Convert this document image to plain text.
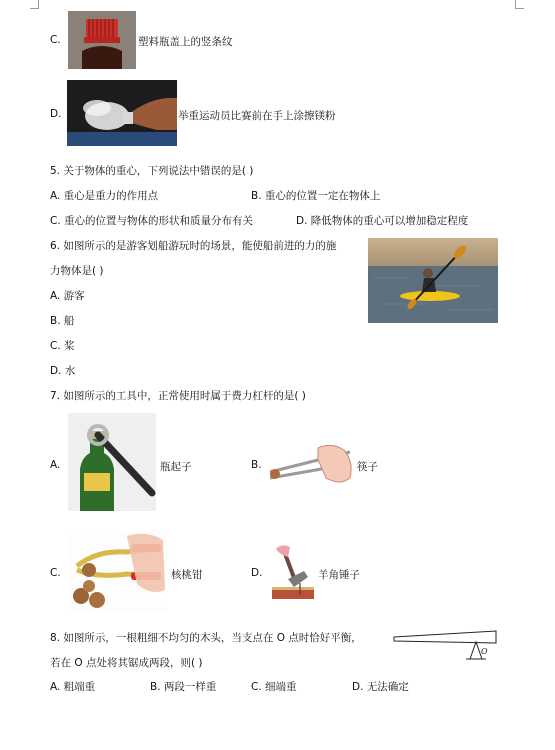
C.	塑料瓶盖上的竖条纹
D.	举重运动员比赛前在手上涂擦镁粉
5. 关于物体的重心，下列说法中错误的是( )
A. 重心是重力的作用点	B. 重心的位置一定在物体上
C. 重心的位置与物体的形状和质量分布有关	D. 降低物体的重心可以增加稳定程度
6. 如图所示的是游客划船游玩时的场景，能使船前进的力的施
力物体是( )
A. 游客
B. 船
C. 桨
D. 水
7. 如图所示的工具中，正常使用时属于费力杠杆的是( )
A.	瓶起子	B.	筷子
C.	核桃钳	D.	羊角锤子
8. 如图所示，一根粗细不均匀的木头，当支点在 O 点时恰好平衡，
若在 O 点处将其锯成两段，则( )
O
A. 粗端重	B. 两段一样重	C. 细端重	D. 无法确定
